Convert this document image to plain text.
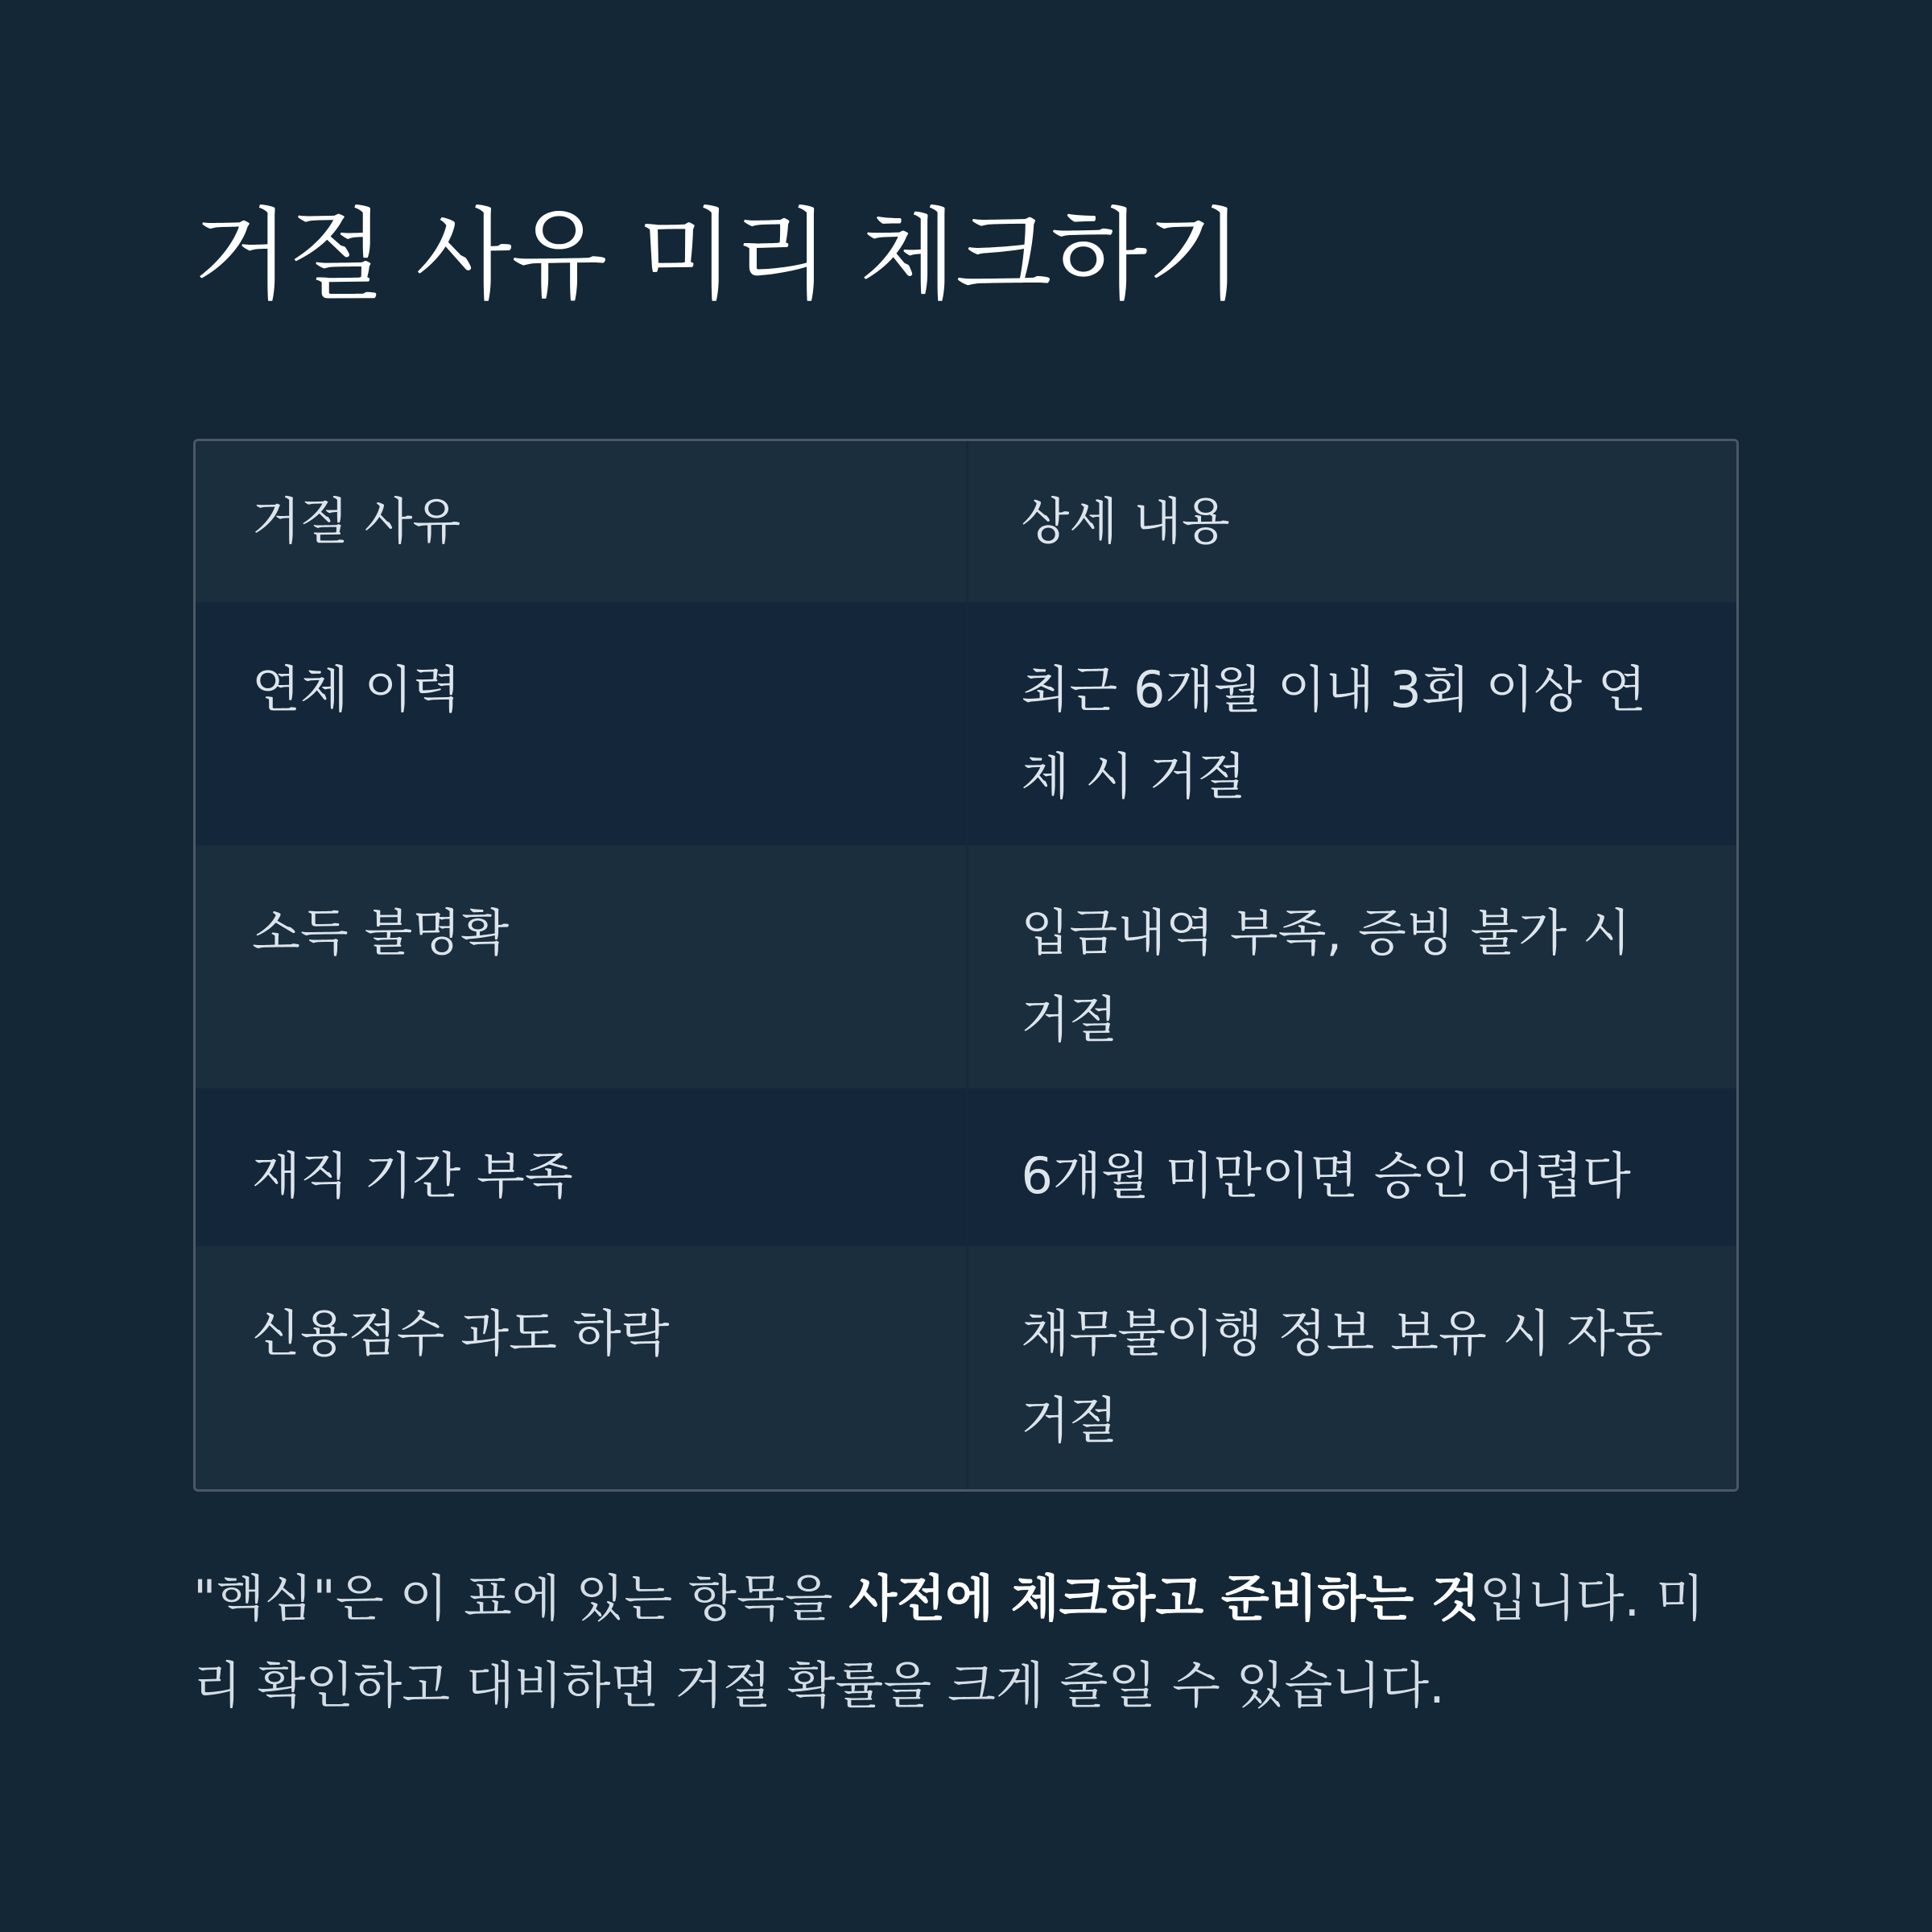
거절 사유 미리 체크하기
거절 사유	상세 내용
연체 이력	최근 6개월 이내 3회 이상 연체 시 거절
소득 불명확	입금내역 부족, 증빙 불가 시 거절
재직 기간 부족	6개월 미만이면 승인 어렵다
신용점수 과도 하락	채무불이행 정보 보유 시 자동 거절

"핵심"은 이 표에 있는 항목을 사전에 체크하고 준비하는 것입니다. 미리 확인하고 대비하면 거절 확률을 크게 줄일 수 있습니다.
